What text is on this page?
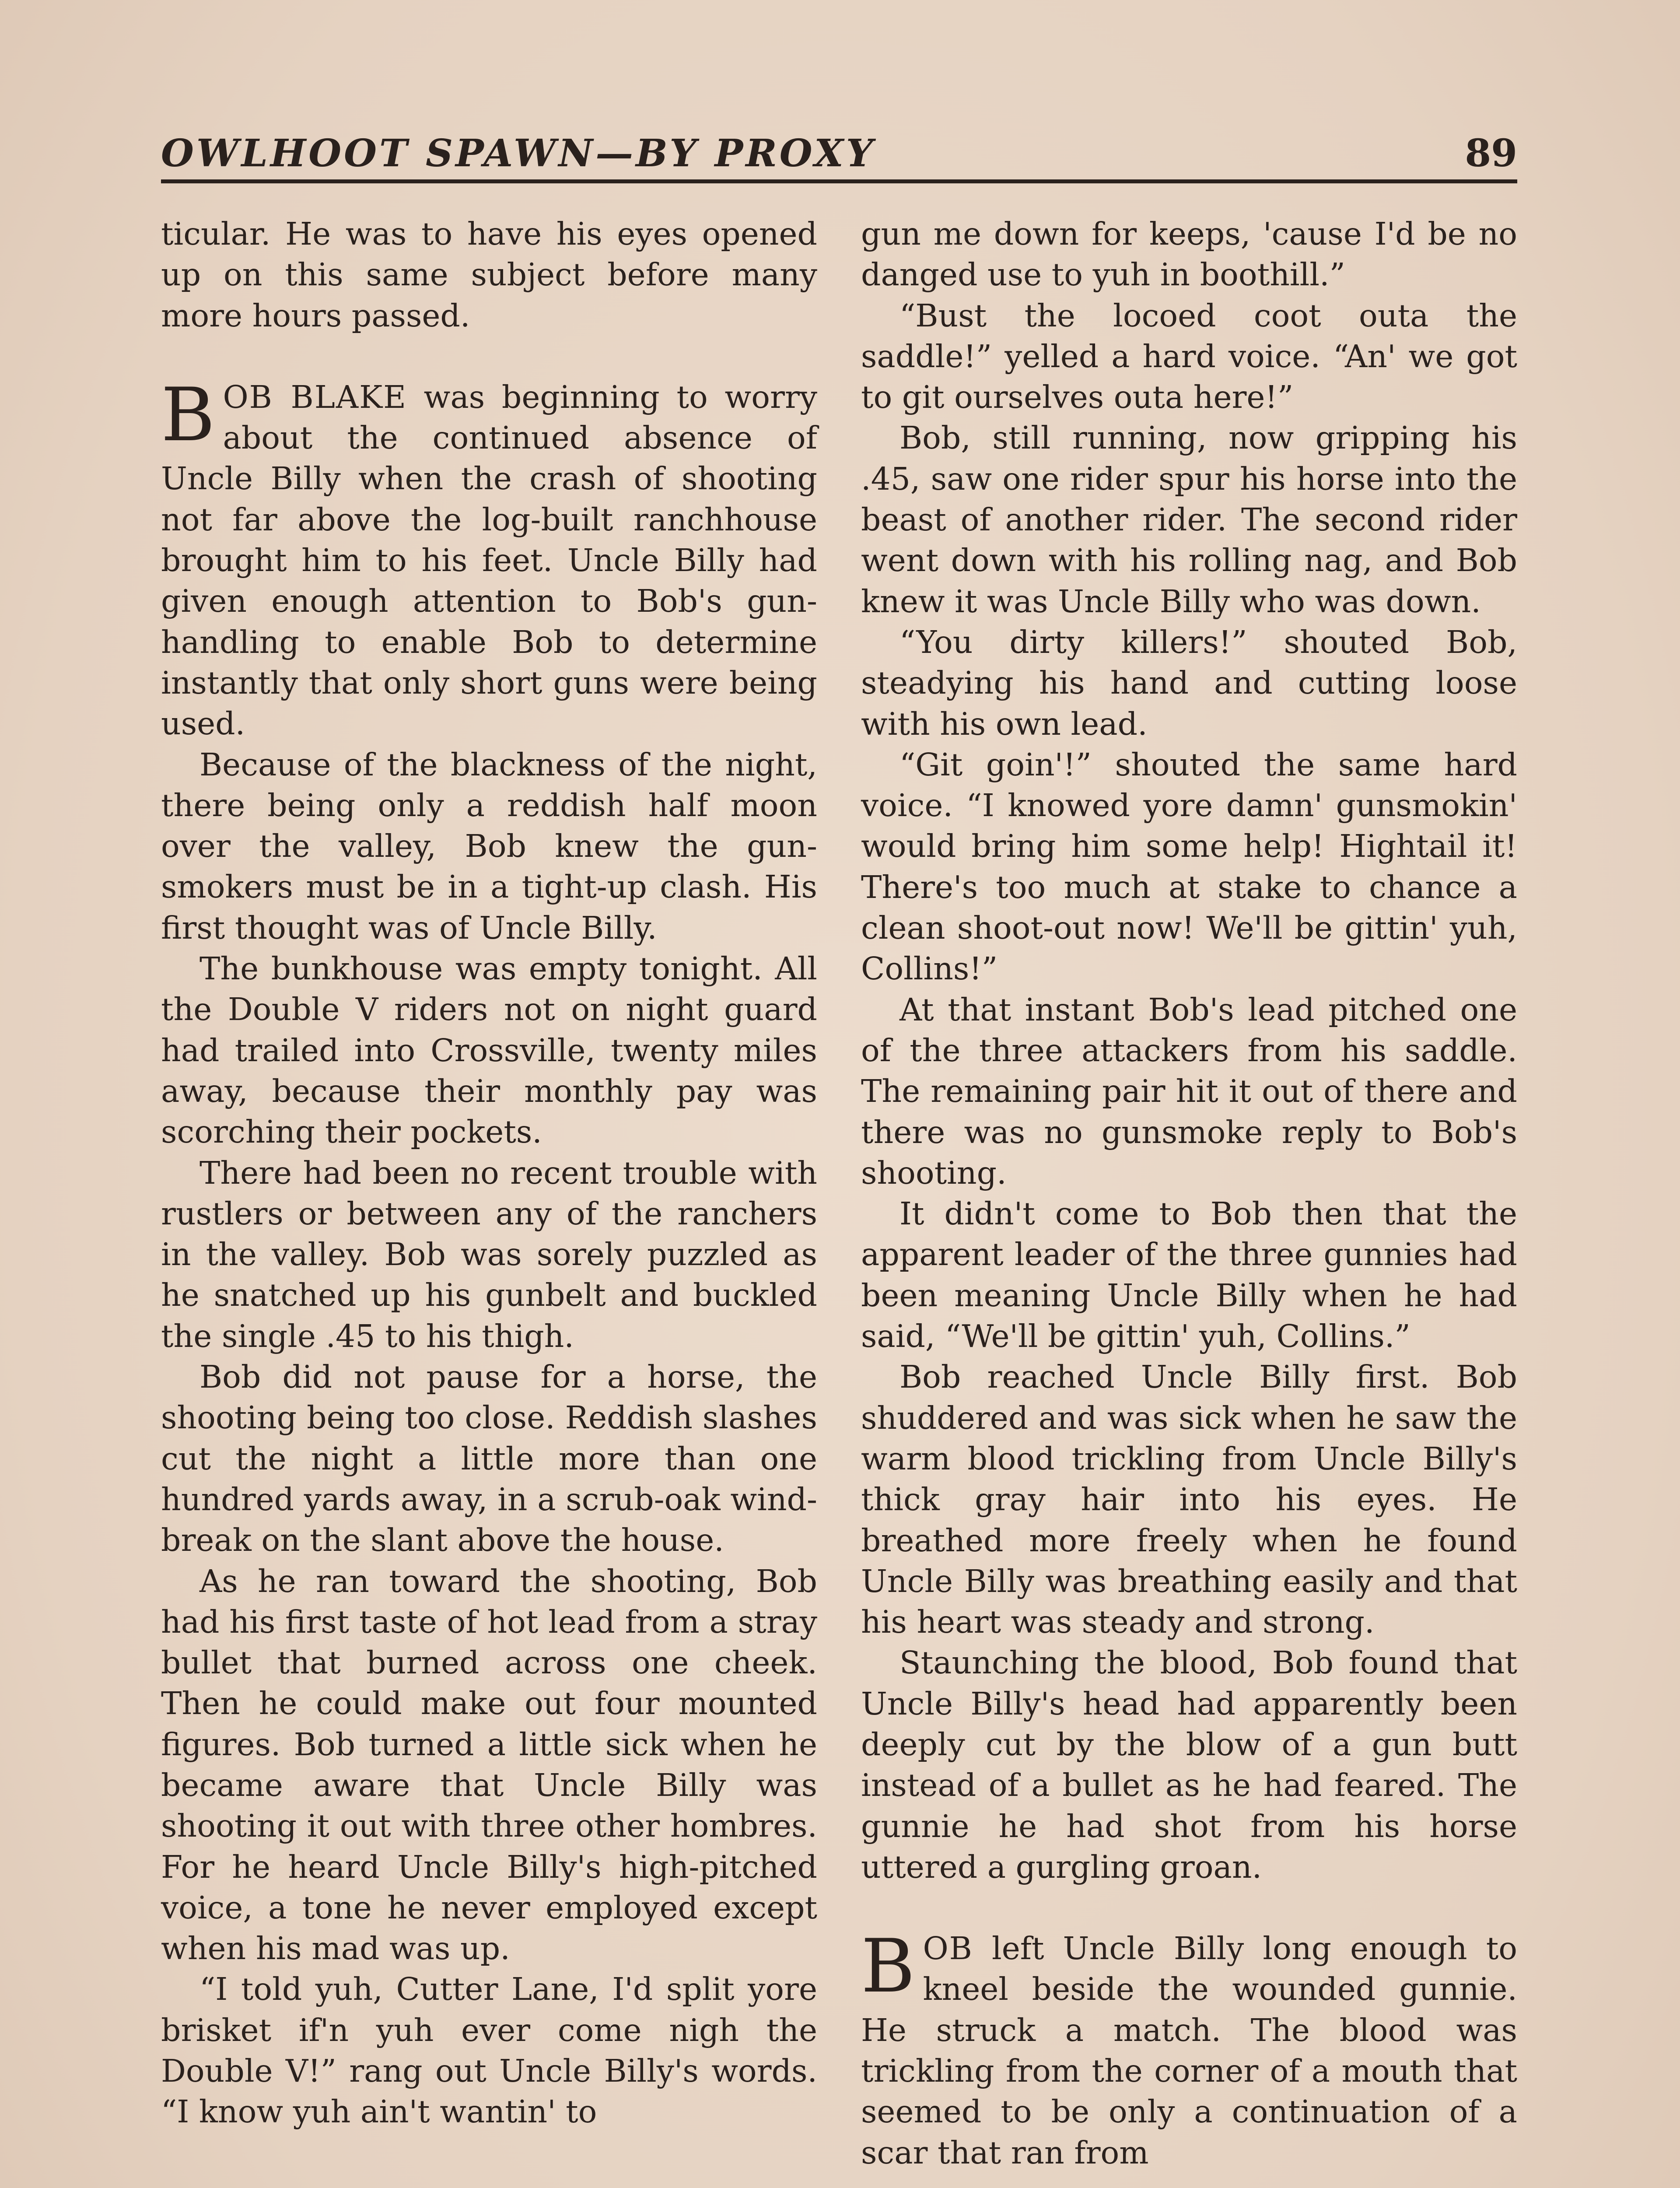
OWLHOOT SPAWN—BY PROXY	89

ticular. He was to have his eyes opened up on this same subject before many more hours passed.

BOB BLAKE was beginning to worry about the continued absence of Uncle Billy when the crash of shooting not far above the log-built ranchhouse brought him to his feet. Uncle Billy had given enough attention to Bob's gun-handling to enable Bob to determine instantly that only short guns were being used.

Because of the blackness of the night, there being only a reddish half moon over the valley, Bob knew the gun-smokers must be in a tight-up clash. His first thought was of Uncle Billy.

The bunkhouse was empty tonight. All the Double V riders not on night guard had trailed into Crossville, twenty miles away, because their monthly pay was scorching their pockets.

There had been no recent trouble with rustlers or between any of the ranchers in the valley. Bob was sorely puzzled as he snatched up his gunbelt and buckled the single .45 to his thigh.

Bob did not pause for a horse, the shooting being too close. Reddish slashes cut the night a little more than one hundred yards away, in a scrub-oak wind-break on the slant above the house.

As he ran toward the shooting, Bob had his first taste of hot lead from a stray bullet that burned across one cheek. Then he could make out four mounted figures. Bob turned a little sick when he became aware that Uncle Billy was shooting it out with three other hombres. For he heard Uncle Billy's high-pitched voice, a tone he never employed except when his mad was up.

“I told yuh, Cutter Lane, I'd split yore brisket if'n yuh ever come nigh the Double V!” rang out Uncle Billy's words. “I know yuh ain't wantin' to

gun me down for keeps, 'cause I'd be no danged use to yuh in boothill.”

“Bust the locoed coot outa the saddle!” yelled a hard voice. “An' we got to git ourselves outa here!”

Bob, still running, now gripping his .45, saw one rider spur his horse into the beast of another rider. The second rider went down with his rolling nag, and Bob knew it was Uncle Billy who was down.

“You dirty killers!” shouted Bob, steadying his hand and cutting loose with his own lead.

“Git goin'!” shouted the same hard voice. “I knowed yore damn' gunsmokin' would bring him some help! Hightail it! There's too much at stake to chance a clean shoot-out now! We'll be gittin' yuh, Collins!”

At that instant Bob's lead pitched one of the three attackers from his saddle. The remaining pair hit it out of there and there was no gunsmoke reply to Bob's shooting.

It didn't come to Bob then that the apparent leader of the three gunnies had been meaning Uncle Billy when he had said, “We'll be gittin' yuh, Collins.”

Bob reached Uncle Billy first. Bob shuddered and was sick when he saw the warm blood trickling from Uncle Billy's thick gray hair into his eyes. He breathed more freely when he found Uncle Billy was breathing easily and that his heart was steady and strong.

Staunching the blood, Bob found that Uncle Billy's head had apparently been deeply cut by the blow of a gun butt instead of a bullet as he had feared. The gunnie he had shot from his horse uttered a gurgling groan.

BOB left Uncle Billy long enough to kneel beside the wounded gunnie. He struck a match. The blood was trickling from the corner of a mouth that seemed to be only a continuation of a scar that ran from
